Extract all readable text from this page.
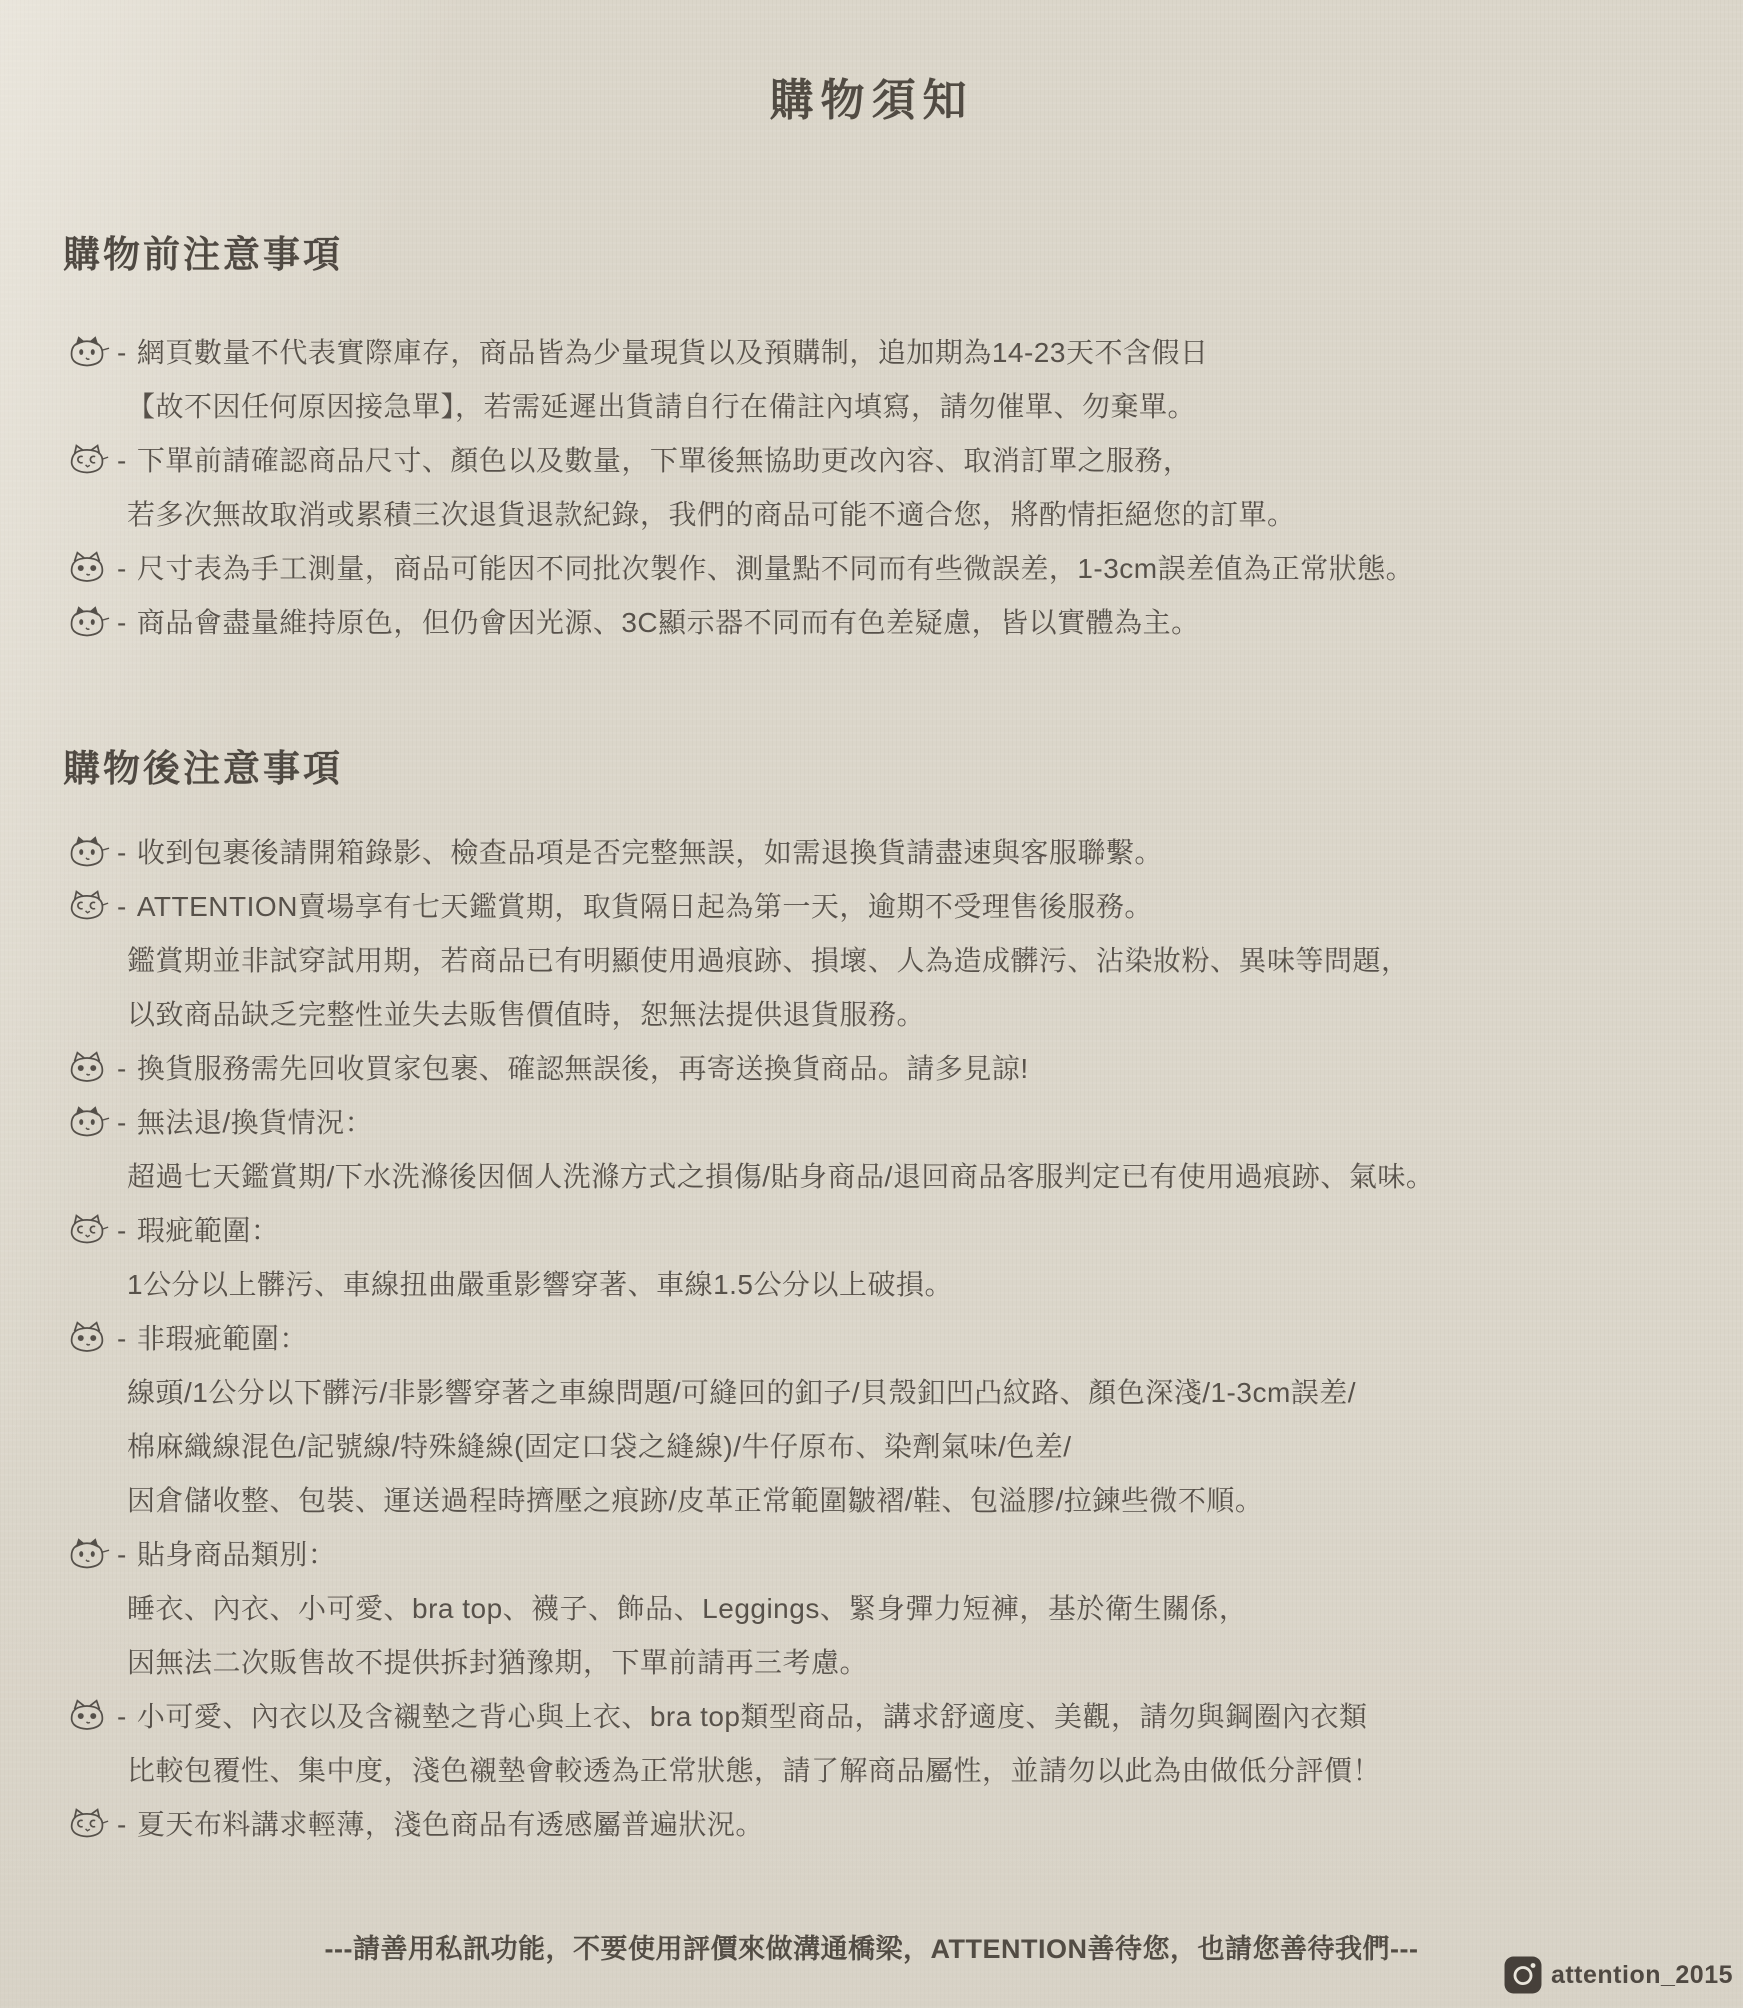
購物須知
購物前注意事項
- 網頁數量不代表實際庫存，商品皆為少量現貨以及預購制，追加期為14-23天不含假日
【故不因任何原因接急單】，若需延遲出貨請自行在備註內填寫，請勿催單、勿棄單。
- 下單前請確認商品尺寸、顏色以及數量，下單後無協助更改內容、取消訂單之服務，
若多次無故取消或累積三次退貨退款紀錄，我們的商品可能不適合您，將酌情拒絕您的訂單。
- 尺寸表為手工測量，商品可能因不同批次製作、測量點不同而有些微誤差，1-3cm誤差值為正常狀態。
- 商品會盡量維持原色，但仍會因光源、3C顯示器不同而有色差疑慮，皆以實體為主。
購物後注意事項
- 收到包裹後請開箱錄影、檢查品項是否完整無誤，如需退換貨請盡速與客服聯繫。
- ATTENTION賣場享有七天鑑賞期，取貨隔日起為第一天，逾期不受理售後服務。
鑑賞期並非試穿試用期，若商品已有明顯使用過痕跡、損壞、人為造成髒污、沾染妝粉、異味等問題，
以致商品缺乏完整性並失去販售價值時，恕無法提供退貨服務。
- 換貨服務需先回收買家包裹、確認無誤後，再寄送換貨商品。請多見諒!
- 無法退/換貨情況：
超過七天鑑賞期/下水洗滌後因個人洗滌方式之損傷/貼身商品/退回商品客服判定已有使用過痕跡、氣味。
- 瑕疵範圍：
1公分以上髒污、車線扭曲嚴重影響穿著、車線1.5公分以上破損。
- 非瑕疵範圍：
線頭/1公分以下髒污/非影響穿著之車線問題/可縫回的釦子/貝殼釦凹凸紋路、顏色深淺/1-3cm誤差/
棉麻織線混色/記號線/特殊縫線(固定口袋之縫線)/牛仔原布、染劑氣味/色差/
因倉儲收整、包裝、運送過程時擠壓之痕跡/皮革正常範圍皺褶/鞋、包溢膠/拉鍊些微不順。
- 貼身商品類別：
睡衣、內衣、小可愛、bra top、襪子、飾品、Leggings、緊身彈力短褲，基於衛生關係，
因無法二次販售故不提供拆封猶豫期，下單前請再三考慮。
- 小可愛、內衣以及含襯墊之背心與上衣、bra top類型商品，講求舒適度、美觀，請勿與鋼圈內衣類
比較包覆性、集中度，淺色襯墊會較透為正常狀態，請了解商品屬性，並請勿以此為由做低分評價！
- 夏天布料講求輕薄，淺色商品有透感屬普遍狀況。
---請善用私訊功能，不要使用評價來做溝通橋梁，ATTENTION善待您，也請您善待我們---
attention_2015
